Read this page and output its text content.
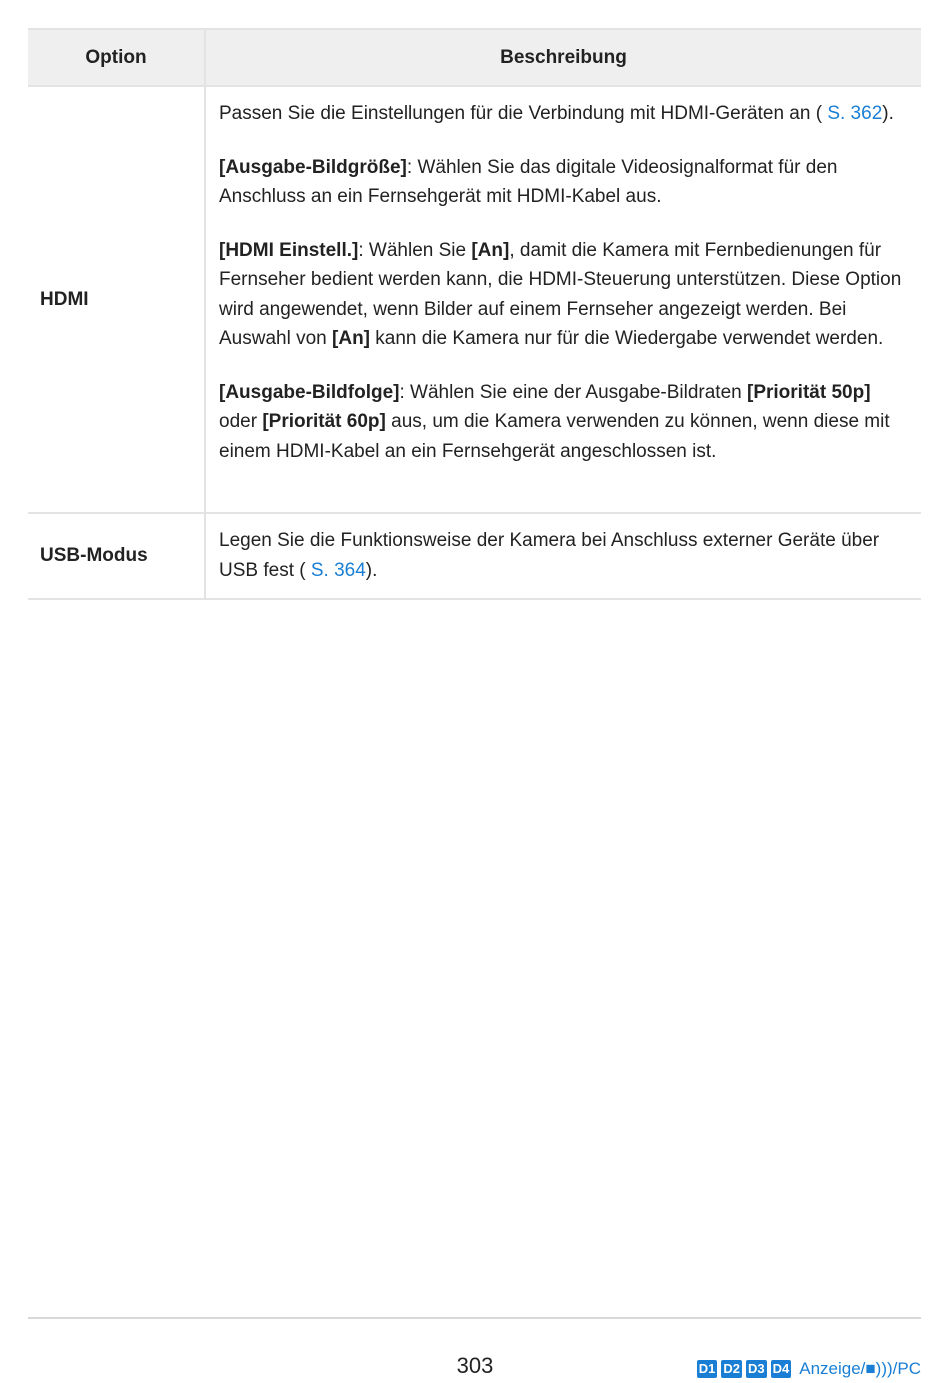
Option	Beschreibung
HDMI

Passen Sie die Einstellungen für die Verbindung mit HDMI-Geräten an ( S. 362).

[Ausgabe-Bildgröße]: Wählen Sie das digitale Videosignalformat für den Anschluss an ein Fernsehgerät mit HDMI-Kabel aus.

[HDMI Einstell.]: Wählen Sie [An], damit die Kamera mit Fernbedienungen für Fernseher bedient werden kann, die HDMI-Steuerung unterstützen. Diese Option wird angewendet, wenn Bilder auf einem Fernseher angezeigt werden. Bei Auswahl von [An] kann die Kamera nur für die Wiedergabe verwendet werden.

[Ausgabe-Bildfolge]: Wählen Sie eine der Ausgabe-Bildraten [Priorität 50p] oder [Priorität 60p] aus, um die Kamera verwenden zu können, wenn diese mit einem HDMI-Kabel an ein Fernsehgerät angeschlossen ist.

USB-Modus

Legen Sie die Funktionsweise der Kamera bei Anschluss externer Geräte über USB fest ( S. 364).

303	D1 D2 D3 D4 Anzeige/■)))/PC
